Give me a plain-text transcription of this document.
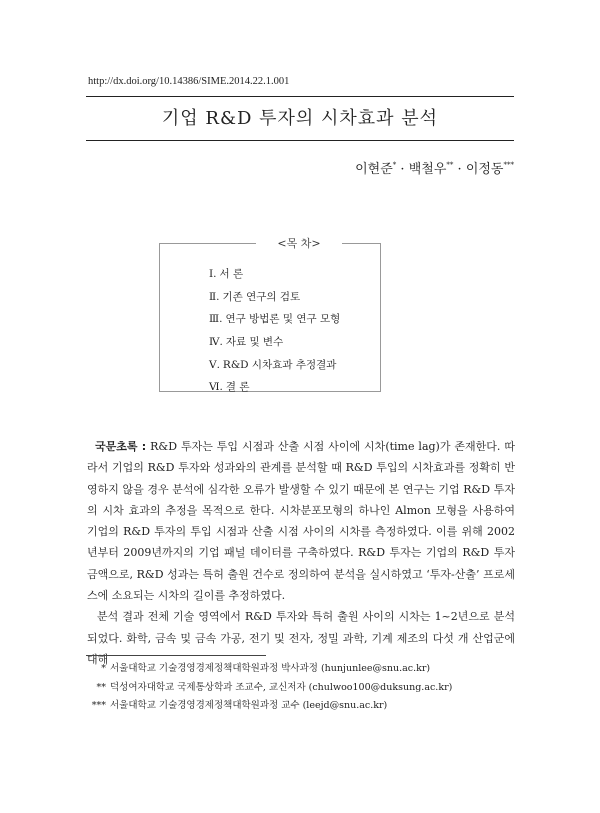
http://dx.doi.org/10.14386/SIME.2014.22.1.001
기업 R&D 투자의 시차효과 분석
이현준* · 백철우** · 이정동***
<목 차>
Ⅰ. 서 론
Ⅱ. 기존 연구의 검토
Ⅲ. 연구 방법론 및 연구 모형
Ⅳ. 자료 및 변수
Ⅴ. R&D 시차효과 추정결과
Ⅵ. 결 론

국문초록 : R&D 투자는 투입 시점과 산출 시점 사이에 시차(time lag)가 존재한다. 따라서 기업의 R&D 투자와 성과와의 관계를 분석할 때 R&D 투입의 시차효과를 정확히 반영하지 않을 경우 분석에 심각한 오류가 발생할 수 있기 때문에 본 연구는 기업 R&D 투자의 시차 효과의 추정을 목적으로 한다. 시차분포모형의 하나인 Almon 모형을 사용하여 기업의 R&D 투자의 투입 시점과 산출 시점 사이의 시차를 측정하였다. 이를 위해 2002년부터 2009년까지의 기업 패널 데이터를 구축하였다. R&D 투자는 기업의 R&D 투자 금액으로, R&D 성과는 특허 출원 건수로 정의하여 분석을 실시하였고 ‘투자-산출’ 프로세스에 소요되는 시차의 길이를 추정하였다.

분석 결과 전체 기술 영역에서 R&D 투자와 특허 출원 사이의 시차는 1~2년으로 분석되었다. 화학, 금속 및 금속 가공, 전기 및 전자, 정밀 과학, 기계 제조의 다섯 개 산업군에 대해

* 서울대학교 기술경영경제정책대학원과정 박사과정 (hunjunlee@snu.ac.kr)
** 덕성여자대학교 국제통상학과 조교수, 교신저자 (chulwoo100@duksung.ac.kr)
*** 서울대학교 기술경영경제정책대학원과정 교수 (leejd@snu.ac.kr)
